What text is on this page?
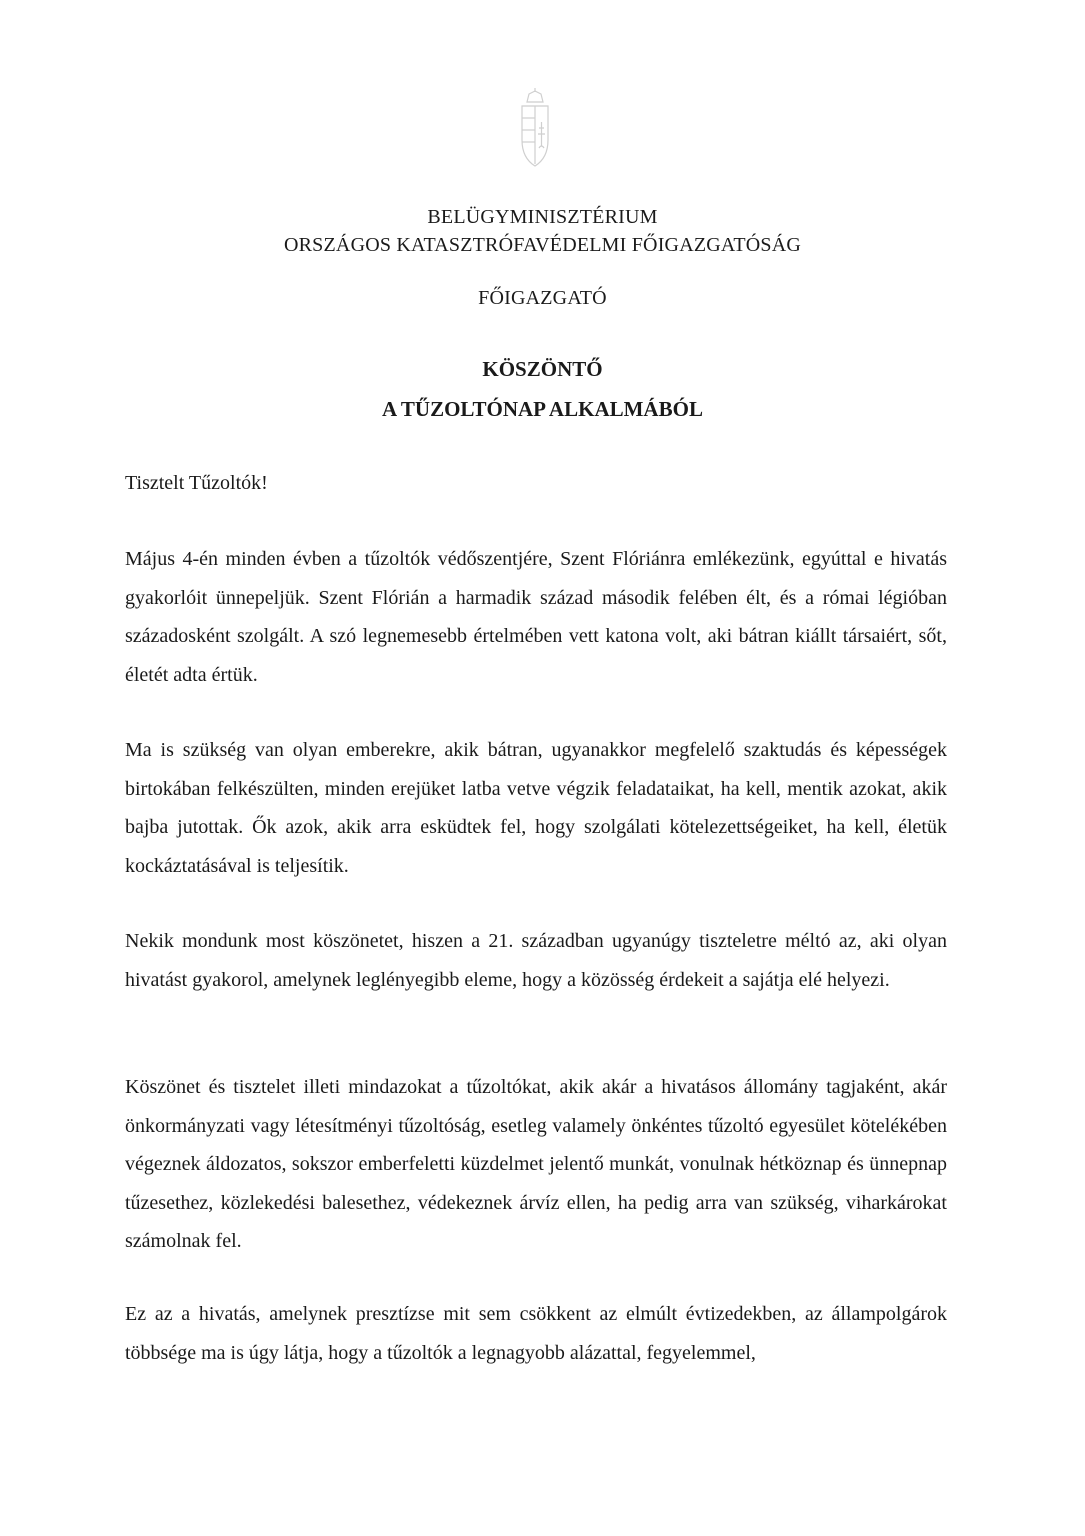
BELÜGYMINISZTÉRIUM
ORSZÁGOS KATASZTRÓFAVÉDELMI FŐIGAZGATÓSÁG
FŐIGAZGATÓ
KÖSZÖNTŐ
A TŰZOLTÓNAP ALKALMÁBÓL
Tisztelt Tűzoltók!

Május 4-én minden évben a tűzoltók védőszentjére, Szent Flóriánra emlékezünk, egyúttal e hivatás gyakorlóit ünnepeljük. Szent Flórián a harmadik század második felében élt, és a római légióban századosként szolgált. A szó legnemesebb értelmében vett katona volt, aki bátran kiállt társaiért, sőt, életét adta értük.

Ma is szükség van olyan emberekre, akik bátran, ugyanakkor megfelelő szaktudás és képességek birtokában felkészülten, minden erejüket latba vetve végzik feladataikat, ha kell, mentik azokat, akik bajba jutottak. Ők azok, akik arra esküdtek fel, hogy szolgálati kötelezettségeiket, ha kell, életük kockáztatásával is teljesítik.

Nekik mondunk most köszönetet, hiszen a 21. században ugyanúgy tiszteletre méltó az, aki olyan hivatást gyakorol, amelynek leglényegibb eleme, hogy a közösség érdekeit a sajátja elé helyezi.

Köszönet és tisztelet illeti mindazokat a tűzoltókat, akik akár a hivatásos állomány tagjaként, akár önkormányzati vagy létesítményi tűzoltóság, esetleg valamely önkéntes tűzoltó egyesület kötelékében végeznek áldozatos, sokszor emberfeletti küzdelmet jelentő munkát, vonulnak hétköznap és ünnepnap tűzesethez, közlekedési balesethez, védekeznek árvíz ellen, ha pedig arra van szükség, viharkárokat számolnak fel.

Ez az a hivatás, amelynek presztízse mit sem csökkent az elmúlt évtizedekben, az állampolgárok többsége ma is úgy látja, hogy a tűzoltók a legnagyobb alázattal, fegyelemmel,
